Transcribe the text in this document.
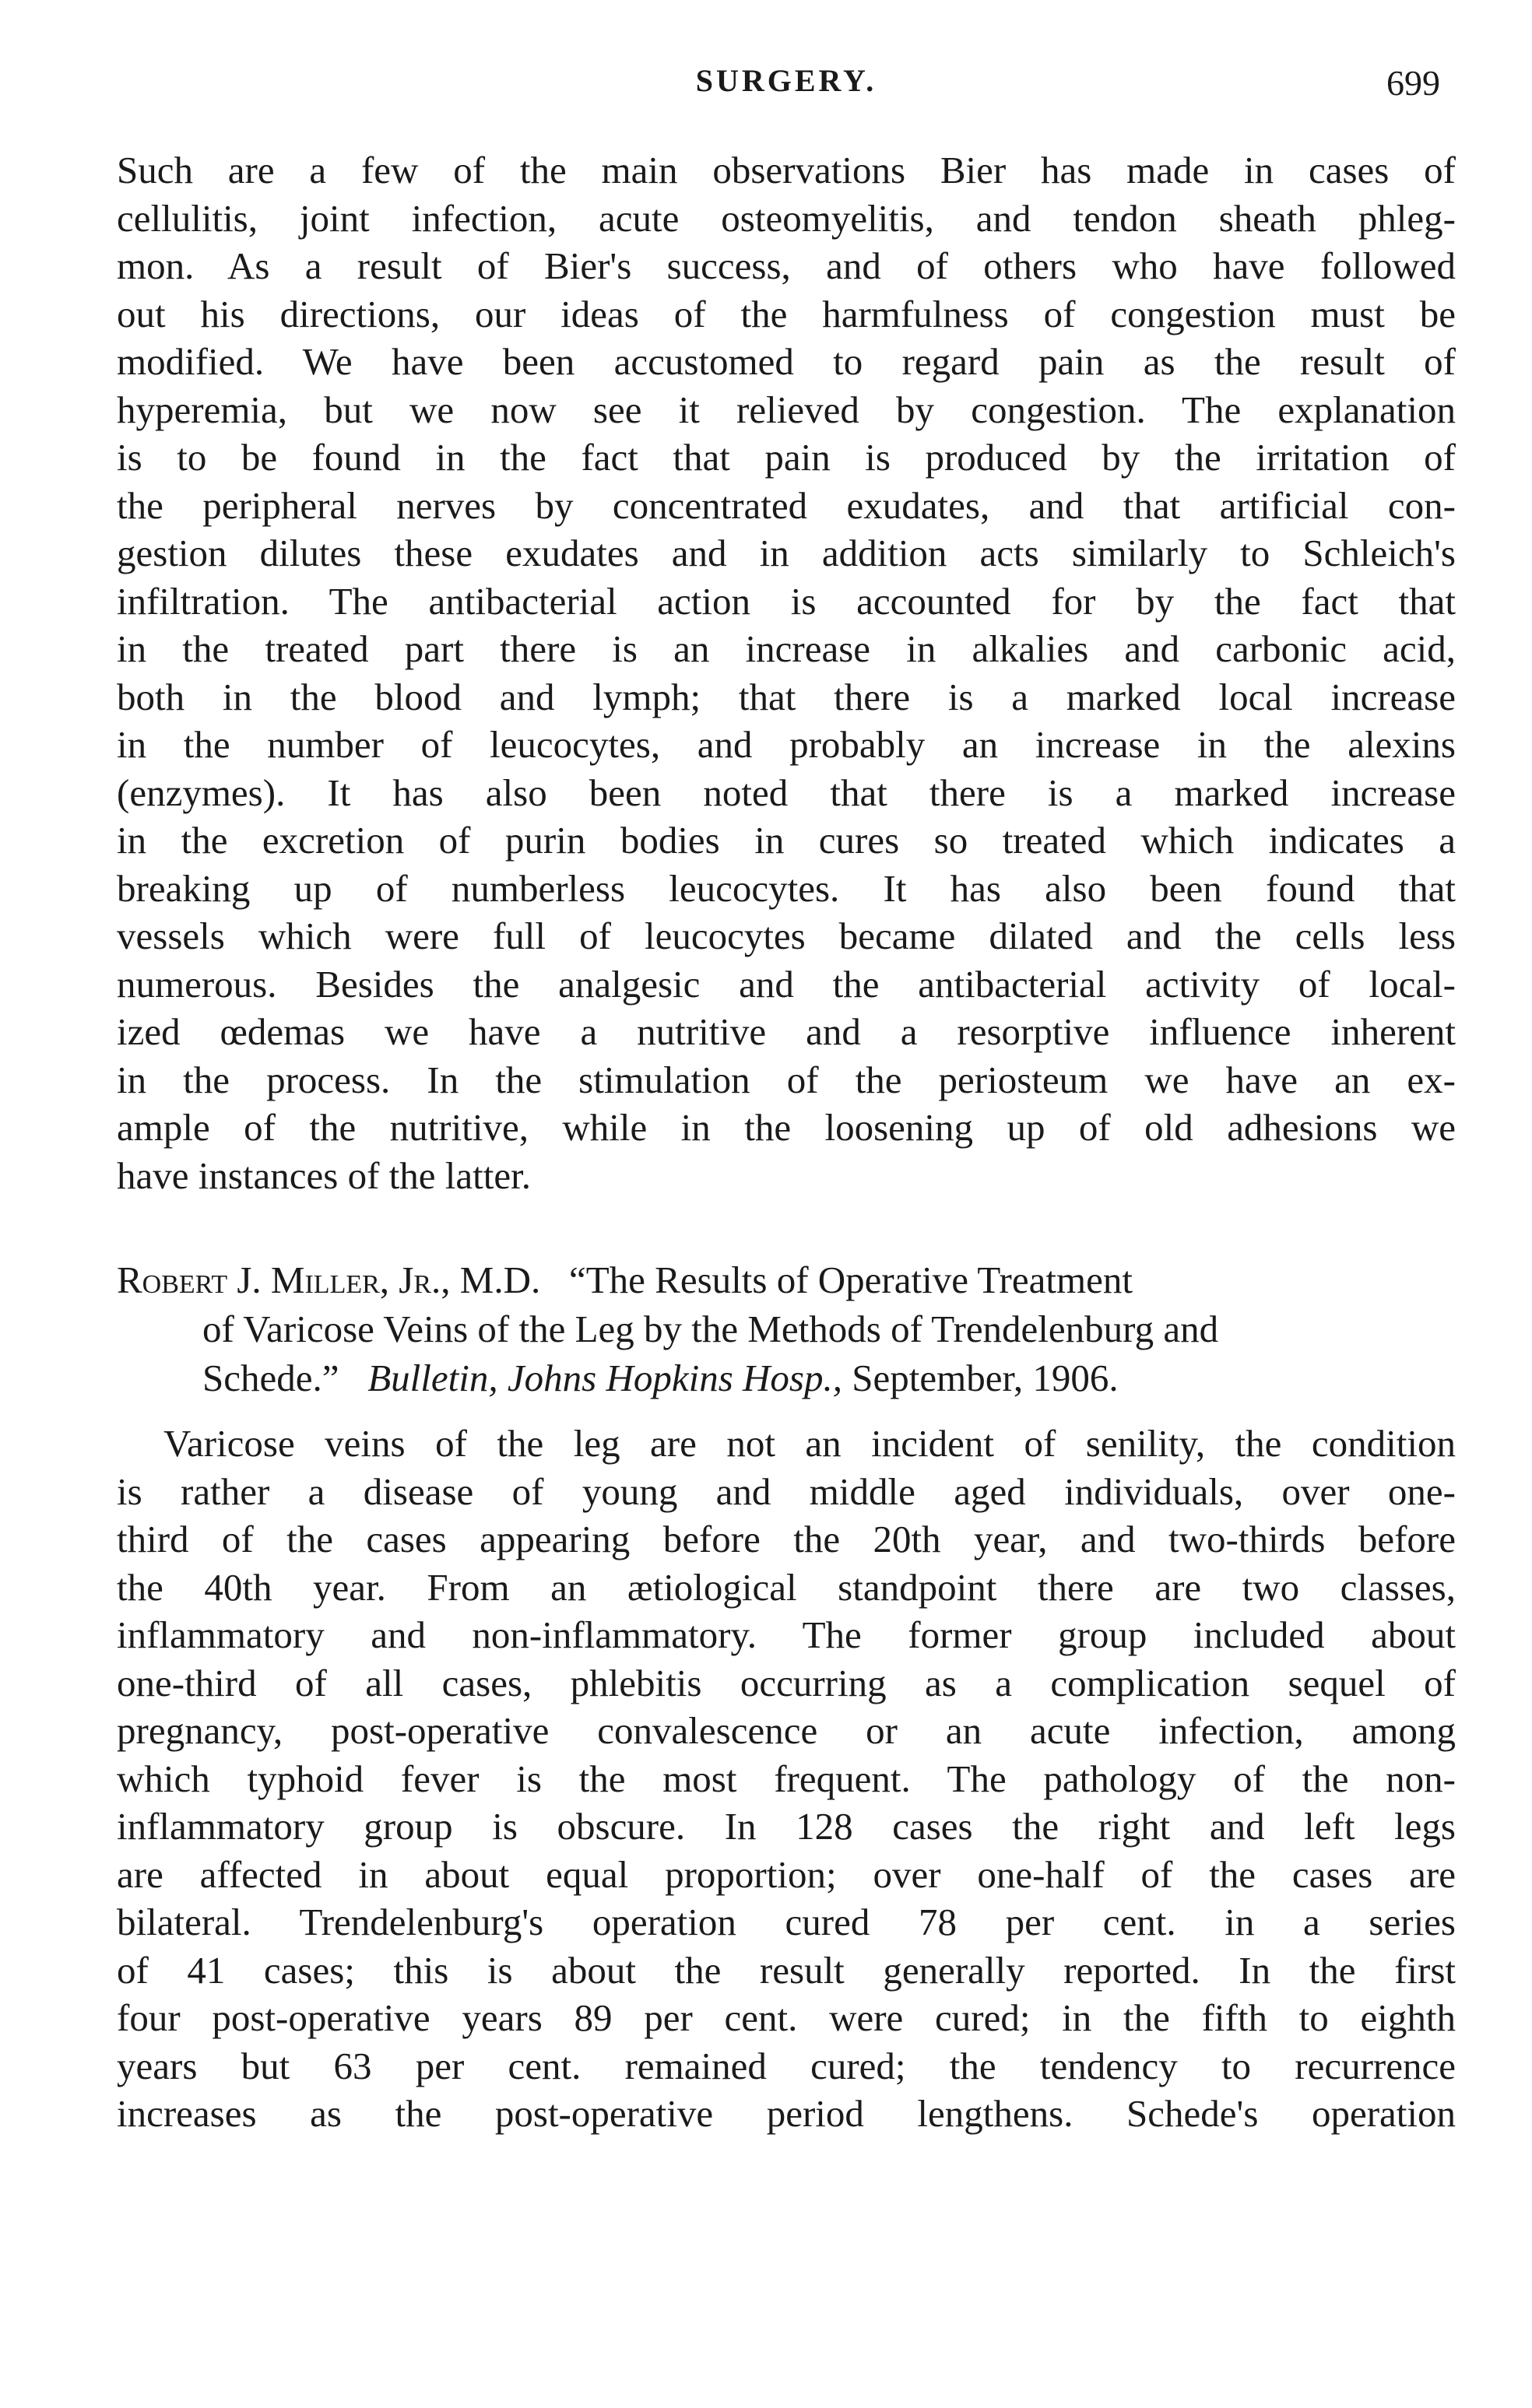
SURGERY.	699

Such are a few of the main observations Bier has made in cases of
cellulitis, joint infection, acute osteomyelitis, and tendon sheath phleg-
mon. As a result of Bier's success, and of others who have followed
out his directions, our ideas of the harmfulness of congestion must be
modified. We have been accustomed to regard pain as the result of
hyperemia, but we now see it relieved by congestion. The explanation
is to be found in the fact that pain is produced by the irritation of
the peripheral nerves by concentrated exudates, and that artificial con-
gestion dilutes these exudates and in addition acts similarly to Schleich's
infiltration. The antibacterial action is accounted for by the fact that
in the treated part there is an increase in alkalies and carbonic acid,
both in the blood and lymph; that there is a marked local increase
in the number of leucocytes, and probably an increase in the alexins
(enzymes). It has also been noted that there is a marked increase
in the excretion of purin bodies in cures so treated which indicates a
breaking up of numberless leucocytes. It has also been found that
vessels which were full of leucocytes became dilated and the cells less
numerous. Besides the analgesic and the antibacterial activity of local-
ized œdemas we have a nutritive and a resorptive influence inherent
in the process. In the stimulation of the periosteum we have an ex-
ample of the nutritive, while in the loosening up of old adhesions we
have instances of the latter.

Robert J. Miller, Jr., M.D. “The Results of Operative Treatment
of Varicose Veins of the Leg by the Methods of Trendelenburg and
Schede.” Bulletin, Johns Hopkins Hosp., September, 1906.

Varicose veins of the leg are not an incident of senility, the condition
is rather a disease of young and middle aged individuals, over one-
third of the cases appearing before the 20th year, and two-thirds before
the 40th year. From an ætiological standpoint there are two classes,
inflammatory and non-inflammatory. The former group included about
one-third of all cases, phlebitis occurring as a complication sequel of
pregnancy, post-operative convalescence or an acute infection, among
which typhoid fever is the most frequent. The pathology of the non-
inflammatory group is obscure. In 128 cases the right and left legs
are affected in about equal proportion; over one-half of the cases are
bilateral. Trendelenburg's operation cured 78 per cent. in a series
of 41 cases; this is about the result generally reported. In the first
four post-operative years 89 per cent. were cured; in the fifth to eighth
years but 63 per cent. remained cured; the tendency to recurrence
increases as the post-operative period lengthens. Schede's operation
